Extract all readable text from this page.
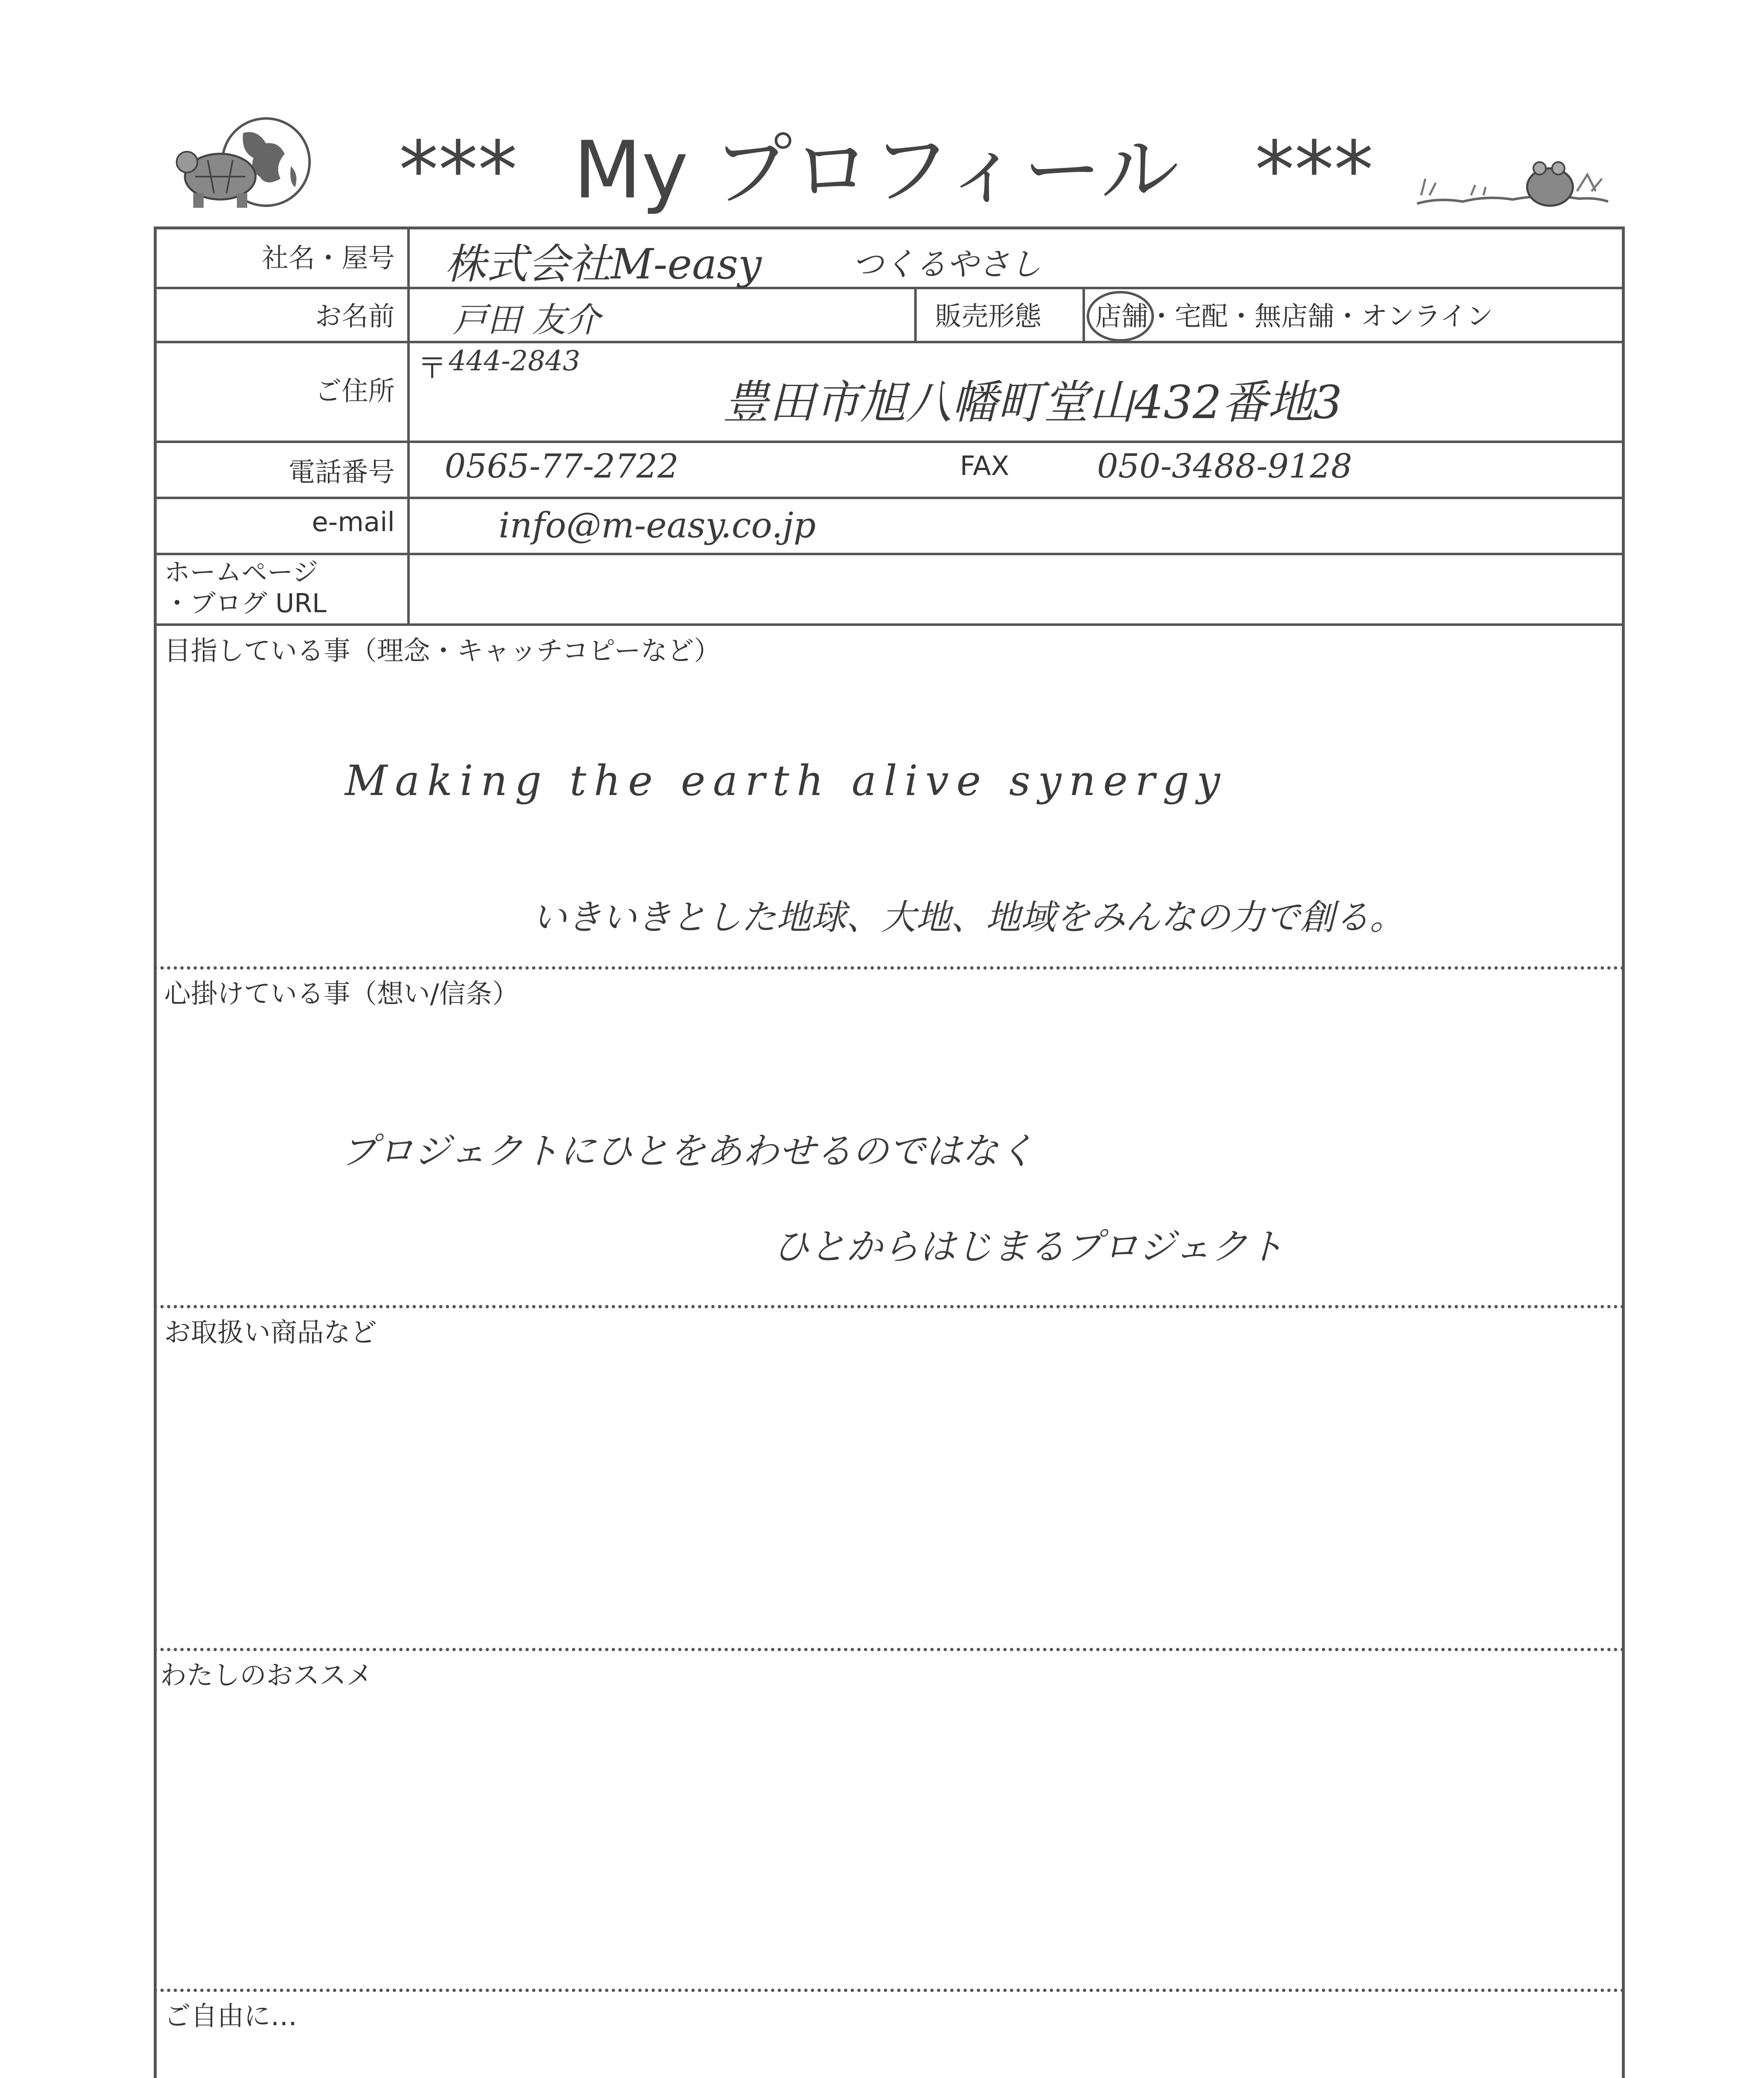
*** My プロフィール ***
社名・屋号
お名前
ご住所
電話番号
e-mail
ホームページ
・ブログ URL
販売形態 店舗・宅配・無店舗・オンライン
FAX
〒
株式会社M-easy	つくるやさし
戸田 友介
444-2843
豊田市旭八幡町堂山432番地3
0565-77-2722	050-3488-9128
info@m-easy.co.jp
目指している事（理念・キャッチコピーなど）
Making the earth alive synergy
いきいきとした地球、大地、地域をみんなの力で創る。
心掛けている事（想い/信条）
プロジェクトにひとをあわせるのではなく
ひとからはじまるプロジェクト
お取扱い商品など
わたしのおススメ
ご自由に…
